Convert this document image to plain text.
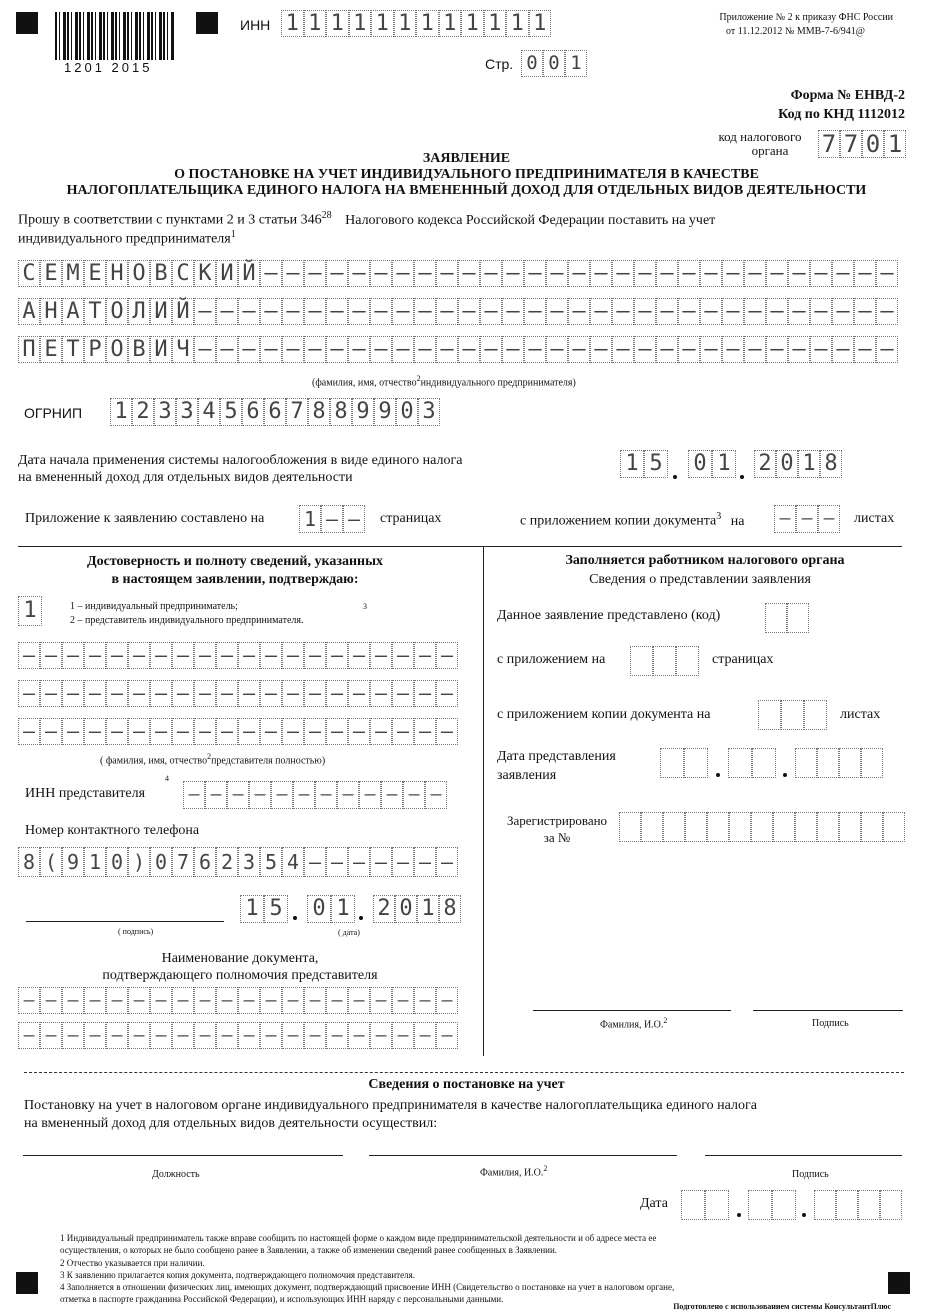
1201 2015
ИНН 1 1 1 1 1 1 1 1 1 1 1 1
Стр. 0 0 1
Приложение № 2 к приказу ФНС России
от 11.12.2012 № ММВ-7-6/941@
Форма № ЕНВД-2
Код по КНД 1112012
код налогового
органа	7 7 0 1
ЗАЯВЛЕНИЕ
О ПОСТАНОВКЕ НА УЧЕТ ИНДИВИДУАЛЬНОГО ПРЕДПРИНИМАТЕЛЯ В КАЧЕСТВЕ
НАЛОГОПЛАТЕЛЬЩИКА ЕДИНОГО НАЛОГА НА ВМЕНЕННЫЙ ДОХОД ДЛЯ ОТДЕЛЬНЫХ ВИДОВ ДЕЯТЕЛЬНОСТИ
Прошу в соответствии с пунктами 2 и 3 статьи $346^{28}$ Налогового кодекса Российской Федерации поставить на учет
индивидуального предпринимателя$^1$
С Е М Е Н О В С К И Й – – – – – – – – – – – – – – – – – – – – – – – – – – – – –
А Н А Т О Л И Й – – – – – – – – – – – – – – – – – – – – – – – – – – – – – – – –
П Е Т Р О В И Ч – – – – – – – – – – – – – – – – – – – – – – – – – – – – – – – –
(фамилия, имя, отчество$^2$индивидуального предпринимателя)
ОГРНИП 1 2 3 3 4 5 6 6 7 8 8 9 9 0 3
Дата начала применения системы налогообложения в виде единого налога
на вмененный доход для отдельных видов деятельности
1 5 0 1 2 0 1 8
Приложение к заявлению составлено на 1 – –	страницах	с приложением копии документа$^3$ на	– – –	листах
Достоверность и полноту сведений, указанных
в настоящем заявлении, подтверждаю:
1	1 – индивидуальный предприниматель;
2 – представитель индивидуального предпринимателя.
3
– – – – – – – – – – – – – – – – – – – –
– – – – – – – – – – – – – – – – – – – –
– – – – – – – – – – – – – – – – – – – –
( фамилия, имя, отчество$^2$представителя полностью)
ИНН представителя
4
– – – – – – – – – – – –
Номер контактного телефона
8 ( 9 1 0 ) 0 7 6 2 3 5 4 – – – – – – –
( подпись)
1 5 0 1 2 0 1 8
( дата)
Наименование документа,
подтверждающего полномочия представителя
– – – – – – – – – – – – – – – – – – – –
– – – – – – – – – – – – – – – – – – – –
Заполняется работником налогового органа
Сведения о представлении заявления
Данное заявление представлено (код)
с приложением на	страницах
с приложением копии документа на	листах
Дата представления
заявления
Зарегистрировано
за №
Фамилия, И.О.$^2$	Подпись
Сведения о постановке на учет
Постановку на учет в налоговом органе индивидуального предпринимателя в качестве налогоплательщика единого налога
на вмененный доход для отдельных видов деятельности осуществил:
Должность	Фамилия, И.О.$^2$
Подпись
Дата
1 Индивидуальный предприниматель также вправе сообщить по настоящей форме о каждом виде предпринимательской деятельности и об адресе места ее
осуществления, о которых не было сообщено ранее в Заявлении, а также об изменении сведений ранее сообщенных в Заявлении.
2 Отчество указывается при наличии.
3 К заявлению прилагается копия документа, подтверждающего полномочия представителя.
4 Заполняется в отношении физических лиц, имеющих документ, подтверждающий присвоение ИНН (Свидетельство о постановке на учет в налоговом органе,
отметка в паспорте гражданина Российской Федерации), и использующих ИНН наряду с персональными данными.
Подготовлено с использованием системы КонсультантПлюс
